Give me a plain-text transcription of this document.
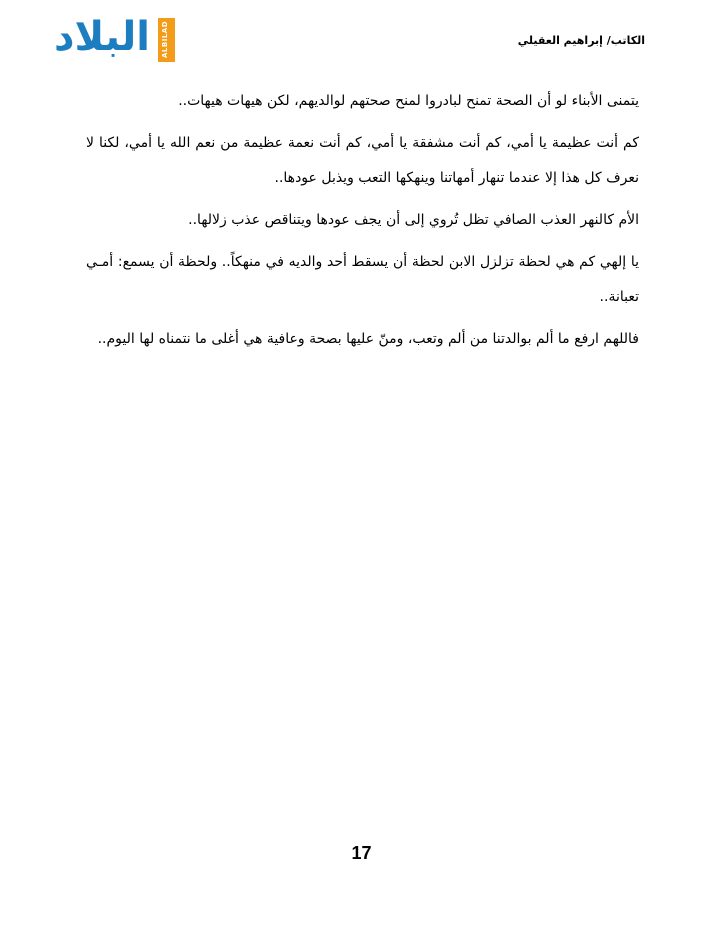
البلاد	ALBILAD TV	الكاتب/ إبراهيم العقيلي

يتمنى الأبناء لو أن الصحة تمنح لبادروا لمنح صحتهم لوالديهم، لكن هيهات هيهات..

كم أنت عظيمة يا أمي، كم أنت مشفقة يا أمي، كم أنت نعمة عظيمة من نعم الله يا أمي، لكنا لا نعرف كل هذا إلا عندما تنهار أمهاتنا وينهكها التعب ويذبل عودها..

الأم كالنهر العذب الصافي تظل تُروي إلى أن يجف عودها ويتناقص عذب زلالها..

يا إلهي كم هي لحظة تزلزل الابن لحظة أن يسقط أحد والديه في منهكاً.. ولحظة أن يسمع: أمـي تعبانة..

فاللهم ارفع ما ألم بوالدتنا من ألم وتعب، ومنّ عليها بصحة وعافية هي أغلى ما نتمناه لها اليوم..

17
